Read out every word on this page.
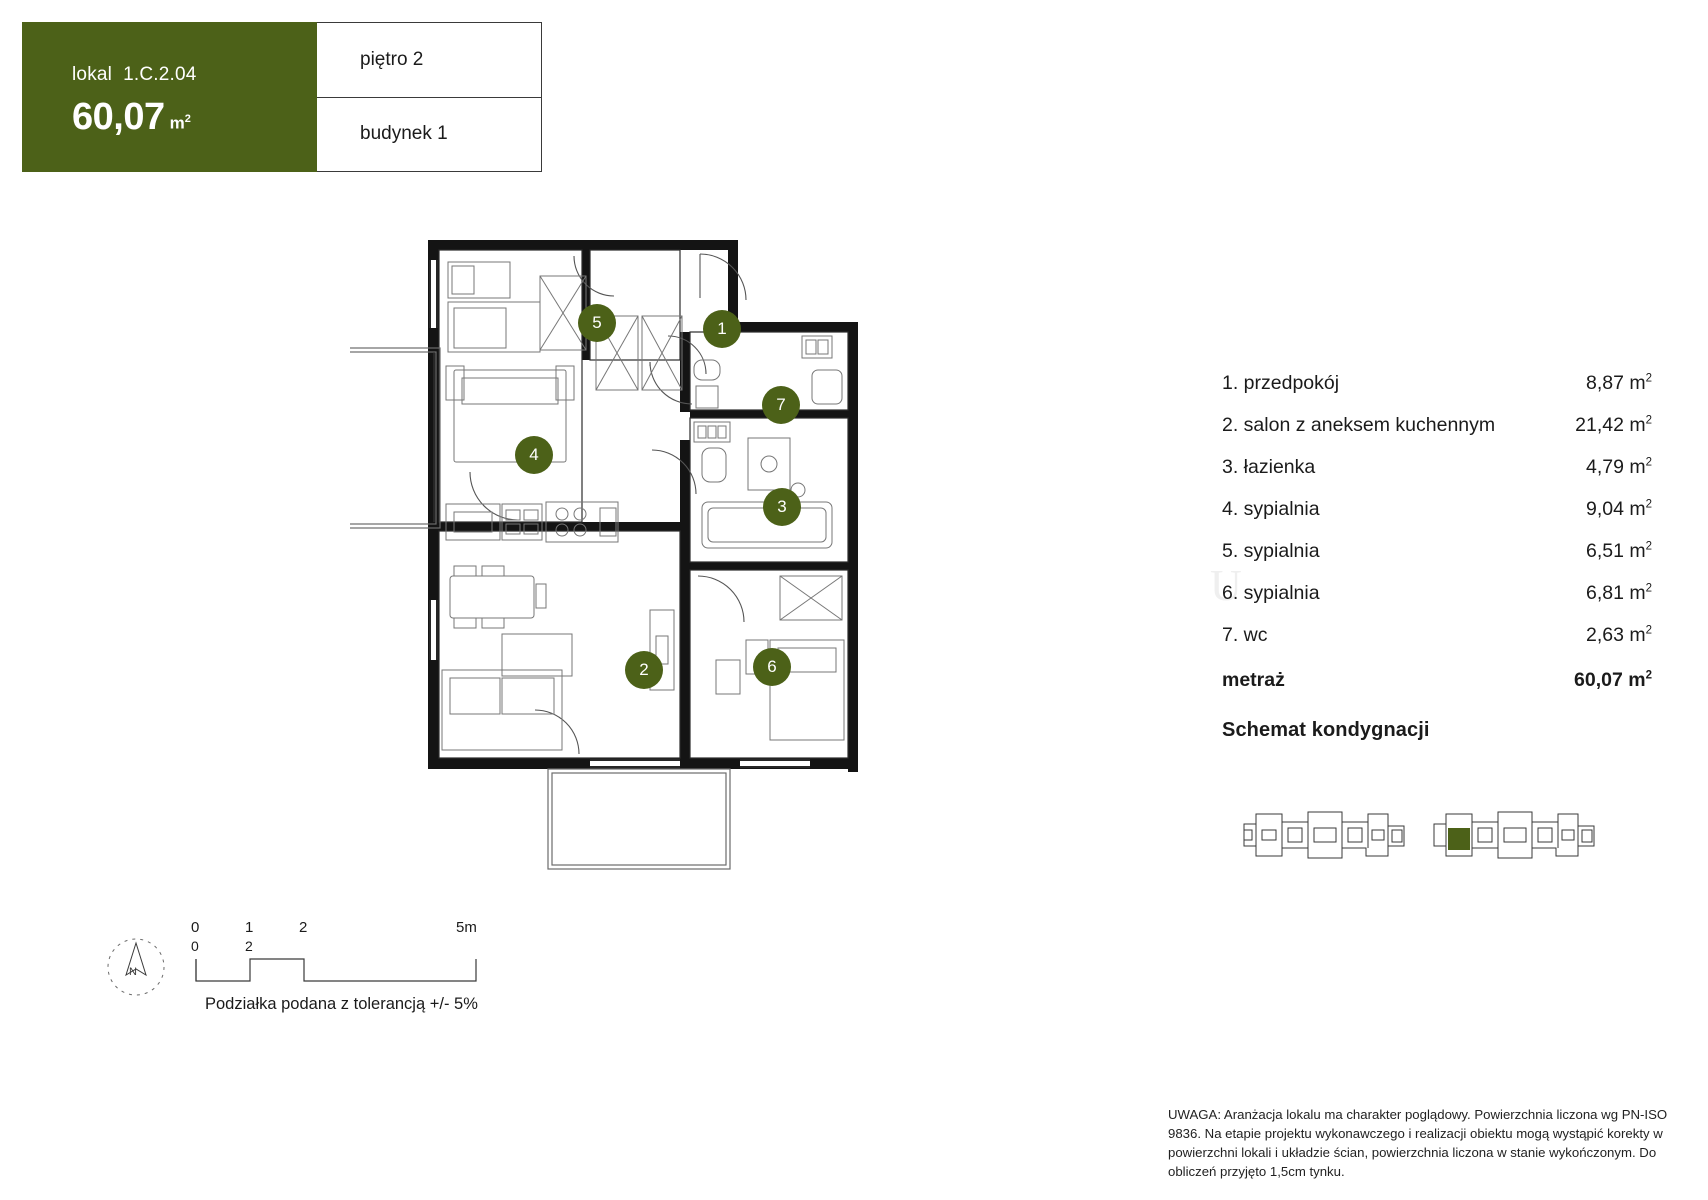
lokal 1.C.2.04
60,07 $m^2$
piętro 2
budynek 1
U
5	1
7
4
3
2	6
1. przedpokój	8,87 $m^2$
2. salon z aneksem kuchennym	21,42 $m^2$
3. łazienka	4,79 $m^2$
4. sypialnia	9,04 $m^2$
5. sypialnia	6,51 $m^2$
6. sypialnia	6,81 $m^2$
7. wc	2,63 $m^2$
metraż	60,07 $m^2$
Schemat kondygnacji
UWAGA: Aranżacja lokalu ma charakter poglądowy. Powierzchnia liczona wg PN-ISO 9836. Na etapie projektu wykonawczego i realizacji obiektu mogą wystąpić korekty w powierzchni lokali i układzie ścian, powierzchnia liczona w stanie wykończonym. Do obliczeń przyjęto 1,5cm tynku.
N
0	2
0	1	2	5m
Podziałka podana z tolerancją +/- 5%
